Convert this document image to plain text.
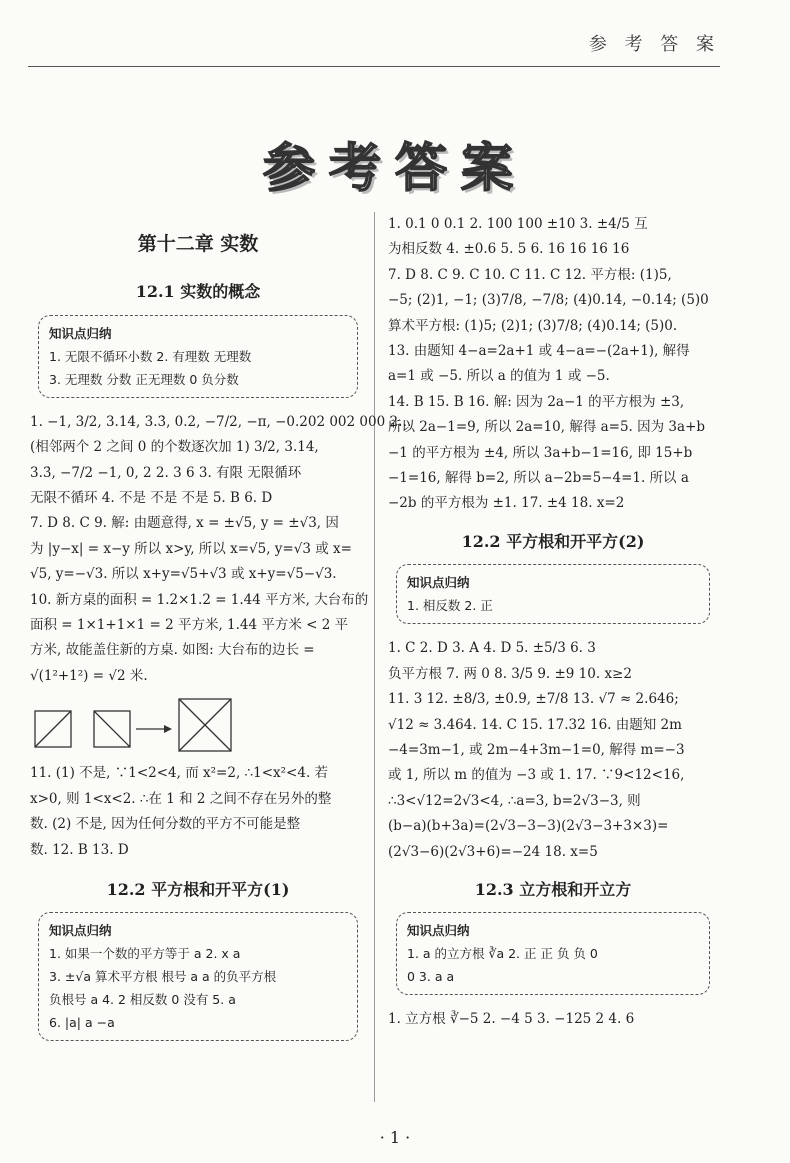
参 考 答 案
参考答案
第十二章 实数
12.1 实数的概念
知识点归纳
1. 无限不循环小数 2. 有理数 无理数
3. 无理数 分数 正无理数 0 负分数
1. −1, 3/2, 3.14, 3.3̇, 0.2, −7/2, −π, −0.202 002 000 2…
(相邻两个 2 之间 0 的个数逐次加 1) 3/2, 3.14,
3.3̇, −7/2 −1, 0, 2 2. 3 6 3. 有限 无限循环
无限不循环 4. 不是 不是 不是 5. B 6. D
7. D 8. C 9. 解: 由题意得, x = ±√5, y = ±√3, 因
为 |y−x| = x−y 所以 x>y, 所以 x=√5, y=√3 或 x=
√5, y=−√3. 所以 x+y=√5+√3 或 x+y=√5−√3.
10. 新方桌的面积 = 1.2×1.2 = 1.44 平方米, 大台布的
面积 = 1×1+1×1 = 2 平方米, 1.44 平方米 < 2 平
方米, 故能盖住新的方桌. 如图: 大台布的边长 =
√(1²+1²) = √2 米.
11. (1) 不是, ∵1<2<4, 而 x²=2, ∴1<x²<4. 若
x>0, 则 1<x<2. ∴在 1 和 2 之间不存在另外的整
数. (2) 不是, 因为任何分数的平方不可能是整
数. 12. B 13. D
12.2 平方根和开平方(1)
知识点归纳
1. 如果一个数的平方等于 a 2. x a
3. ±√a 算术平方根 根号 a a 的负平方根
负根号 a 4. 2 相反数 0 没有 5. a
6. |a| a −a
1. 0.1 0 0.1 2. 100 100 ±10 3. ±4/5 互
为相反数 4. ±0.6 5. 5 6. 16 16 16 16
7. D 8. C 9. C 10. C 11. C 12. 平方根: (1)5,
−5; (2)1, −1; (3)7/8, −7/8; (4)0.14, −0.14; (5)0
算术平方根: (1)5; (2)1; (3)7/8; (4)0.14; (5)0.
13. 由题知 4−a=2a+1 或 4−a=−(2a+1), 解得
a=1 或 −5. 所以 a 的值为 1 或 −5.
14. B 15. B 16. 解: 因为 2a−1 的平方根为 ±3,
所以 2a−1=9, 所以 2a=10, 解得 a=5. 因为 3a+b
−1 的平方根为 ±4, 所以 3a+b−1=16, 即 15+b
−1=16, 解得 b=2, 所以 a−2b=5−4=1. 所以 a
−2b 的平方根为 ±1. 17. ±4 18. x=2
12.2 平方根和开平方(2)
知识点归纳
1. 相反数 2. 正
1. C 2. D 3. A 4. D 5. ±5/3 6. 3
负平方根 7. 两 0 8. 3/5 9. ±9 10. x≥2
11. 3 12. ±8/3, ±0.9, ±7/8 13. √7 ≈ 2.646;
√12 ≈ 3.464. 14. C 15. 17.32 16. 由题知 2m
−4=3m−1, 或 2m−4+3m−1=0, 解得 m=−3
或 1, 所以 m 的值为 −3 或 1. 17. ∵9<12<16,
∴3<√12=2√3<4, ∴a=3, b=2√3−3, 则
(b−a)(b+3a)=(2√3−3−3)(2√3−3+3×3)=
(2√3−6)(2√3+6)=−24 18. x=5
12.3 立方根和开立方
知识点归纳
1. a 的立方根 ∛a 2. 正 正 负 负 0
0 3. a a
1. 立方根 ∛−5 2. −4 5 3. −125 2 4. 6
· 1 ·
